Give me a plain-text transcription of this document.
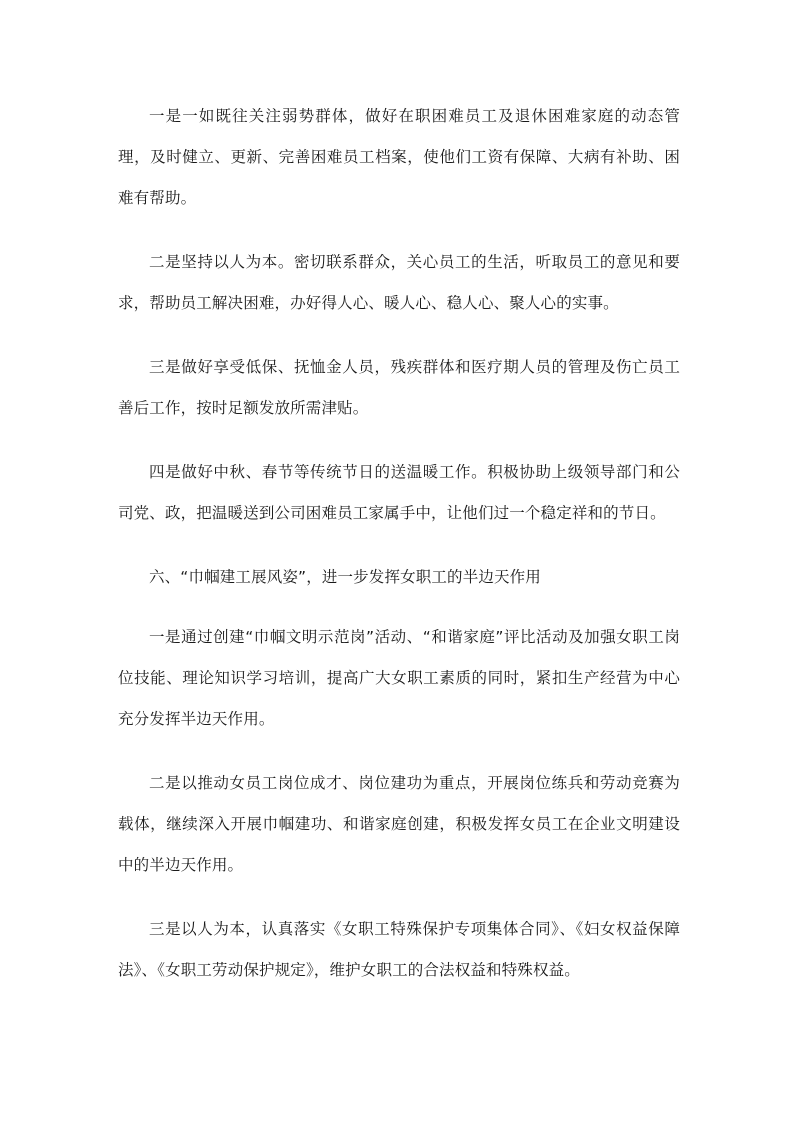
一是一如既往关注弱势群体，做好在职困难员工及退休困难家庭的动态管理，及时健立、更新、完善困难员工档案，使他们工资有保障、大病有补助、困难有帮助。

二是坚持以人为本。密切联系群众，关心员工的生活，听取员工的意见和要求，帮助员工解决困难，办好得人心、暖人心、稳人心、聚人心的实事。

三是做好享受低保、抚恤金人员，残疾群体和医疗期人员的管理及伤亡员工善后工作，按时足额发放所需津贴。

四是做好中秋、春节等传统节日的送温暖工作。积极协助上级领导部门和公司党、政，把温暖送到公司困难员工家属手中，让他们过一个稳定祥和的节日。

六、“巾帼建工展风姿”，进一步发挥女职工的半边天作用

一是通过创建“巾帼文明示范岗”活动、“和谐家庭”评比活动及加强女职工岗位技能、理论知识学习培训，提高广大女职工素质的同时，紧扣生产经营为中心充分发挥半边天作用。

二是以推动女员工岗位成才、岗位建功为重点，开展岗位练兵和劳动竞赛为载体，继续深入开展巾帼建功、和谐家庭创建，积极发挥女员工在企业文明建设中的半边天作用。

三是以人为本，认真落实《女职工特殊保护专项集体合同》、《妇女权益保障法》、《女职工劳动保护规定》，维护女职工的合法权益和特殊权益。
